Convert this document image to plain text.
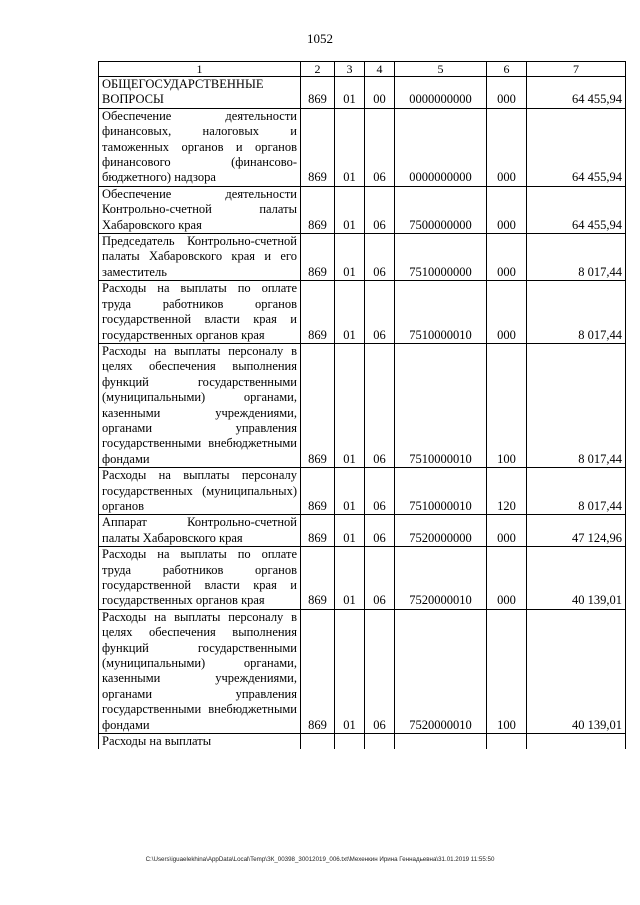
1052
1	2	3	4	5	6	7
ОБЩЕГОСУДАРСТВЕННЫЕ ВОПРОСЫ	869	01	00	0000000000	000	64 455,94
Обеспечение деятельности финансовых, налоговых и таможенных органов и органов финансового (финансово-бюджетного) надзора	869	01	06	0000000000	000	64 455,94
Обеспечение деятельности Контрольно-счетной палаты Хабаровского края	869	01	06	7500000000	000	64 455,94
Председатель Контрольно-счетной палаты Хабаровского края и его заместитель	869	01	06	7510000000	000	8 017,44
Расходы на выплаты по оплате труда работников органов государственной власти края и государственных органов края	869	01	06	7510000010	000	8 017,44
Расходы на выплаты персоналу в целях обеспечения выполнения функций государственными (муниципальными) органами, казенными учреждениями, органами управления государственными внебюджетными фондами	869	01	06	7510000010	100	8 017,44
Расходы на выплаты персоналу государственных (муниципальных) органов	869	01	06	7510000010	120	8 017,44
Аппарат Контрольно-счетной палаты Хабаровского края	869	01	06	7520000000	000	47 124,96
Расходы на выплаты по оплате труда работников органов государственной власти края и государственных органов края	869	01	06	7520000010	000	40 139,01
Расходы на выплаты персоналу в целях обеспечения выполнения функций государственными (муниципальными) органами, казенными учреждениями, органами управления государственными внебюджетными фондами	869	01	06	7520000010	100	40 139,01
Расходы на выплаты						
C:\Users\iguaelekhina\AppData\Local\Temp\ЗК_00398_30012019_006.txt\Мехенкин Ирина Геннадьевна\31.01.2019 11:55:50
